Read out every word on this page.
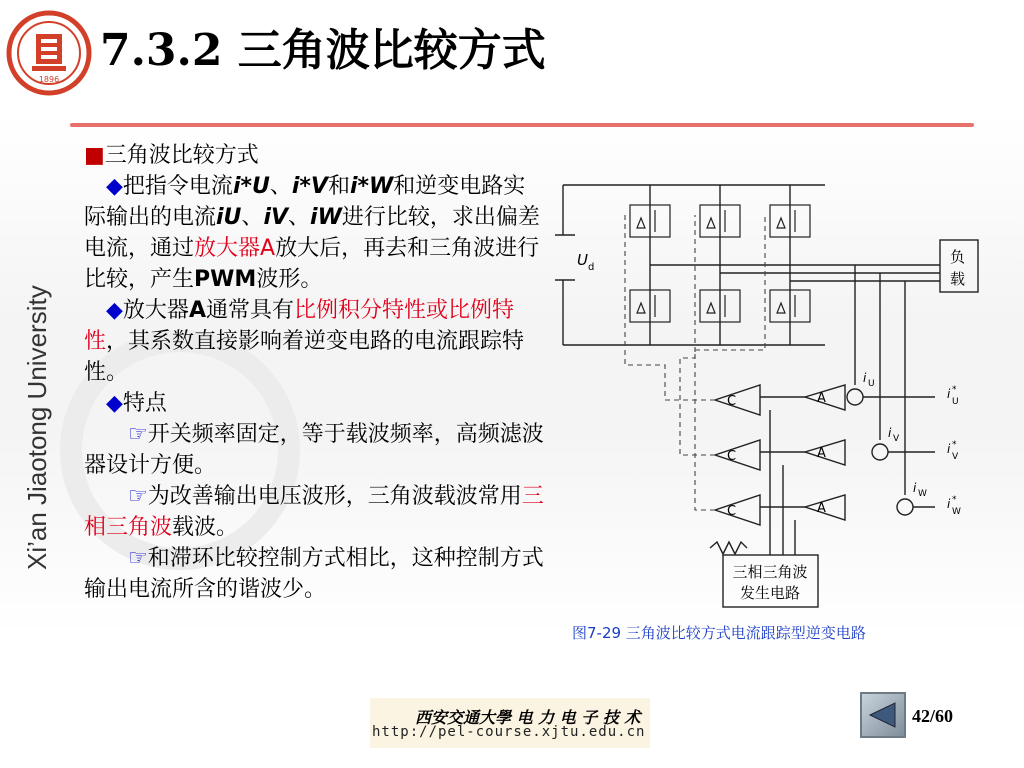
1896
7.3.2 三角波比较方式
Xi’an Jiaotong University

■三角波比较方式

◆把指令电流i*U、i*V和i*W和逆变电路实际输出的电流iU、iV、iW进行比较，求出偏差电流，通过放大器A放大后，再去和三角波进行比较，产生PWM波形。

◆放大器A通常具有比例积分特性或比例特性，其系数直接影响着逆变电路的电流跟踪特性。

◆特点

☞开关频率固定，等于载波频率，高频滤波器设计方便。

☞为改善输出电压波形，三角波载波常用三相三角波载波。

☞和滞环比较控制方式相比，这种控制方式输出电流所含的谐波少。

U d
负
载
A
A
A
C
C
C
i U
i V
i W
i *
U
i *
V
i *
W
三相三角波
发生电路
图7-29 三角波比较方式电流跟踪型逆变电路
西安交通大學 电 力 电 子 技 术
http://pel-course.xjtu.edu.cn
42/60
